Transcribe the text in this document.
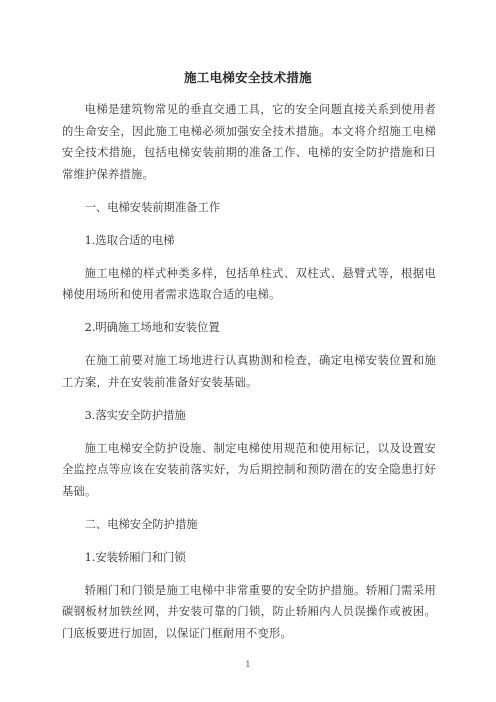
施工电梯安全技术措施

电梯是建筑物常见的垂直交通工具，它的安全问题直接关系到使用者的生命安全，因此施工电梯必须加强安全技术措施。本文将介绍施工电梯安全技术措施，包括电梯安装前期的准备工作、电梯的安全防护措施和日常维护保养措施。

一、电梯安装前期准备工作

1.选取合适的电梯

施工电梯的样式种类多样，包括单柱式、双柱式、悬臂式等，根据电梯使用场所和使用者需求选取合适的电梯。

2.明确施工场地和安装位置

在施工前要对施工场地进行认真勘测和检查，确定电梯安装位置和施工方案，并在安装前准备好安装基础。

3.落实安全防护措施

施工电梯安全防护设施、制定电梯使用规范和使用标记，以及设置安全监控点等应该在安装前落实好，为后期控制和预防潜在的安全隐患打好基础。

二、电梯安全防护措施

1.安装轿厢门和门锁

轿厢门和门锁是施工电梯中非常重要的安全防护措施。轿厢门需采用碳钢板材加铁丝网，并安装可靠的门锁，防止轿厢内人员误操作或被困。门底板要进行加固，以保证门框耐用不变形。

1
